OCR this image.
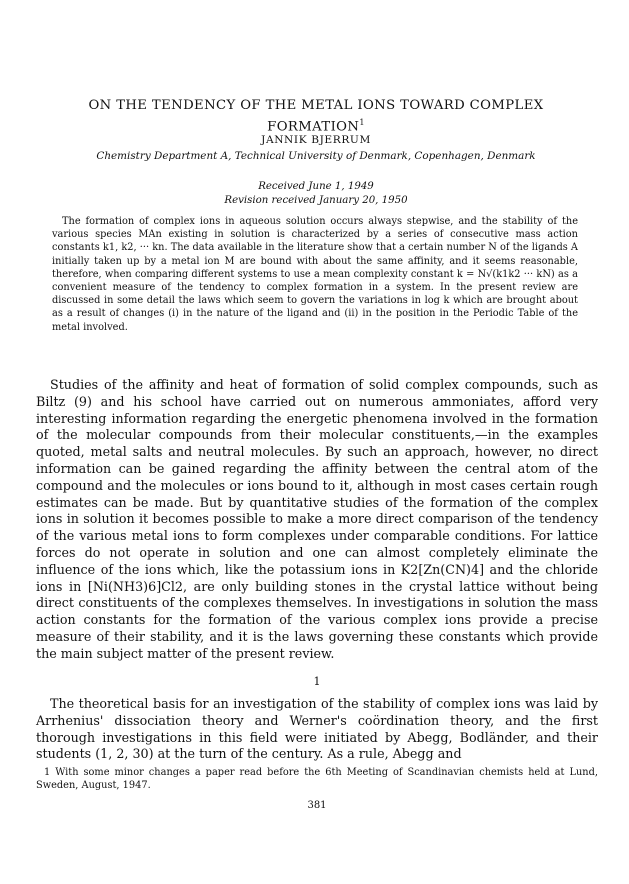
ON THE TENDENCY OF THE METAL IONS TOWARD COMPLEX
FORMATION$^1$
JANNIK BJERRUM
Chemistry Department A, Technical University of Denmark, Copenhagen, Denmark
Received June 1, 1949
Revision received January 20, 1950

The formation of complex ions in aqueous solution occurs always stepwise, and the stability of the various species MAn existing in solution is characterized by a series of consecutive mass action constants k1, k2, ··· kn. The data available in the literature show that a certain number N of the ligands A initially taken up by a metal ion M are bound with about the same affinity, and it seems reasonable, therefore, when comparing different systems to use a mean complexity constant k = N√(k1k2 ··· kN) as a convenient measure of the tendency to complex formation in a system. In the present review are discussed in some detail the laws which seem to govern the variations in log k which are brought about as a result of changes (i) in the nature of the ligand and (ii) in the position in the Periodic Table of the metal involved.

Studies of the affinity and heat of formation of solid complex compounds, such as Biltz (9) and his school have carried out on numerous ammoniates, afford very interesting information regarding the energetic phenomena involved in the formation of the molecular compounds from their molecular constituents,—in the examples quoted, metal salts and neutral molecules. By such an approach, however, no direct information can be gained regarding the affinity between the central atom of the compound and the molecules or ions bound to it, although in most cases certain rough estimates can be made. But by quantitative studies of the formation of the complex ions in solution it becomes possible to make a more direct comparison of the tendency of the various metal ions to form complexes under comparable conditions. For lattice forces do not operate in solution and one can almost completely eliminate the influence of the ions which, like the potassium ions in K2[Zn(CN)4] and the chloride ions in [Ni(NH3)6]Cl2, are only building stones in the crystal lattice without being direct constituents of the complexes themselves. In investigations in solution the mass action constants for the formation of the various complex ions provide a precise measure of their stability, and it is the laws governing these constants which provide the main subject matter of the present review.

1

The theoretical basis for an investigation of the stability of complex ions was laid by Arrhenius' dissociation theory and Werner's coördination theory, and the first thorough investigations in this field were initiated by Abegg, Bodländer, and their students (1, 2, 30) at the turn of the century. As a rule, Abegg and

1 With some minor changes a paper read before the 6th Meeting of Scandinavian chemists held at Lund, Sweden, August, 1947.

381
